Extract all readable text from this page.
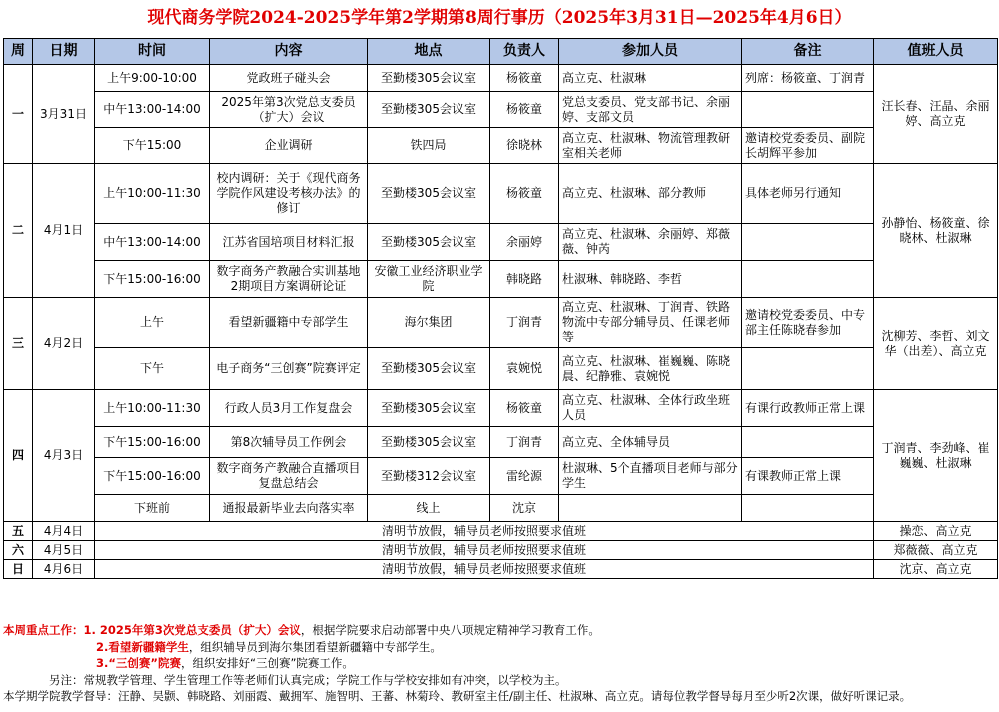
现代商务学院2024-2025学年第2学期第8周行事历（2025年3月31日—2025年4月6日）
周	日期	时间	内容	地点	负责人	参加人员	备注	值班人员
一	3月31日	上午9:00-10:00	党政班子碰头会	至勤楼305会议室	杨筱童	高立克、杜淑琳	列席：杨筱童、丁润青	汪长春、汪晶、余丽婷、高立克
		中午13:00-14:00	2025年第3次党总支委员（扩大）会议	至勤楼305会议室	杨筱童	党总支委员、党支部书记、余丽婷、支部文员		
		下午15:00	企业调研	铁四局	徐晓林	高立克、杜淑琳、物流管理教研室相关老师	邀请校党委委员、副院长胡辉平参加	
二	4月1日	上午10:00-11:30	校内调研：关于《现代商务学院作风建设考核办法》的修订	至勤楼305会议室	杨筱童	高立克、杜淑琳、部分教师	具体老师另行通知	孙静怡、杨筱童、徐晓林、杜淑琳
		中午13:00-14:00	江苏省国培项目材料汇报	至勤楼305会议室	余丽婷	高立克、杜淑琳、余丽婷、郑薇薇、钟芮		
		下午15:00-16:00	数字商务产教融合实训基地2期项目方案调研论证	安徽工业经济职业学院	韩晓路	杜淑琳、韩晓路、李哲		
三	4月2日	上午	看望新疆籍中专部学生	海尔集团	丁润青	高立克、杜淑琳、丁润青、铁路物流中专部分辅导员、任课老师等	邀请校党委委员、中专部主任陈晓春参加	沈柳芳、李哲、刘文华（出差）、高立克
		下午	电子商务“三创赛”院赛评定	至勤楼305会议室	袁婉悦	高立克、杜淑琳、崔巍巍、陈晓晨、纪静雅、袁婉悦		
四	4月3日	上午10:00-11:30	行政人员3月工作复盘会	至勤楼305会议室	杨筱童	高立克、杜淑琳、全体行政坐班人员	有课行政教师正常上课	丁润青、李劲峰、崔巍巍、杜淑琳
		下午15:00-16:00	第8次辅导员工作例会	至勤楼305会议室	丁润青	高立克、全体辅导员		
		下午15:00-16:00	数字商务产教融合直播项目复盘总结会	至勤楼312会议室	雷纶源	杜淑琳、5个直播项目老师与部分学生	有课教师正常上课	
		下班前	通报最新毕业去向落实率	线上	沈京			
五	4月4日	清明节放假，辅导员老师按照要求值班						操恋、高立克
六	4月5日	清明节放假，辅导员老师按照要求值班						郑薇薇、高立克
日	4月6日	清明节放假，辅导员老师按照要求值班						沈京、高立克
本周重点工作：1. 2025年第3次党总支委员（扩大）会议，根据学院要求启动部署中央八项规定精神学习教育工作。
2.看望新疆籍学生，组织辅导员到海尔集团看望新疆籍中专部学生。
3.“三创赛”院赛，组织安排好“三创赛”院赛工作。
另注：常规教学管理、学生管理工作等老师们认真完成；学院工作与学校安排如有冲突，以学校为主。
本学期学院教学督导：汪静、吴颢、韩晓路、刘丽霞、戴拥军、施智明、王蕃、林菊玲、教研室主任/副主任、杜淑琳、高立克。请每位教学督导每月至少听2次课，做好听课记录。
